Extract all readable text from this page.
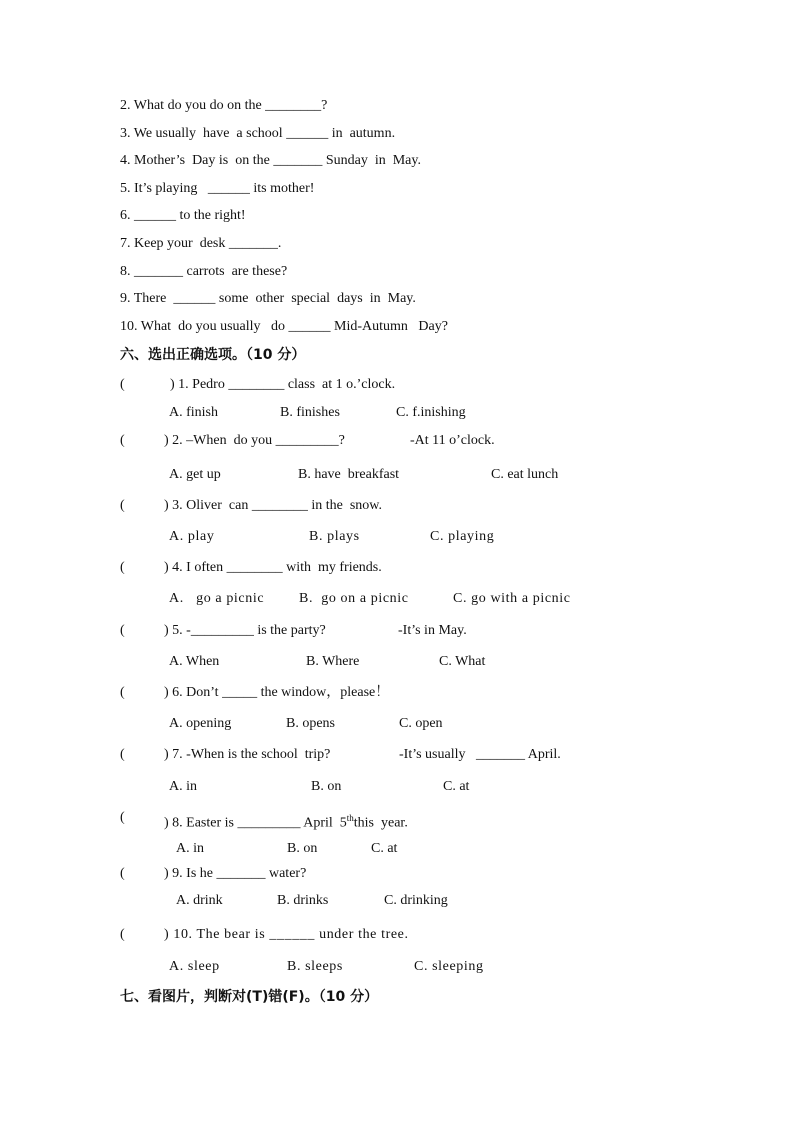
2. What do you do on the ________?
3. We usually  have  a school ______ in  autumn.
4. Mother’s  Day is  on the _______ Sunday  in  May.
5. It’s playing   ______ its mother!
6. ______ to the right!
7. Keep your  desk _______.
8. _______ carrots  are these?
9. There  ______ some  other  special  days  in  May.
10. What  do you usually   do ______ Mid-Autumn   Day?
六、选出正确选项。（10 分）
(	) 1. Pedro ________ class  at 1 o.’clock.
A. finish	B. finishes	C. f.inishing
(	) 2. –When  do you _________?	-At 11 o’clock.
A. get up	B. have  breakfast	C. eat lunch
(	) 3. Oliver  can ________ in the  snow.
A. play	B. plays	C. playing
(	) 4. I often ________ with  my friends.
A.   go a picnic B.  go on a picnic	C. go with a picnic
(	) 5. -_________ is the party?	-It’s in May.
A. When	B. Where	C. What
(	) 6. Don’t _____ the window，please！
A. opening	B. opens	C. open
(	) 7. -When is the school  trip?	-It’s usually   _______ April.
A. in	B. on	C. at
(	) 8. Easter is _________ April  5ththis  year.
A. in	B. on	C. at
(	) 9. Is he _______ water?
A. drink	B. drinks	C. drinking
(	) 10. The bear is ______ under the tree.
A. sleep	B. sleeps	C. sleeping
七、看图片，判断对(T)错(F)。（10 分）
